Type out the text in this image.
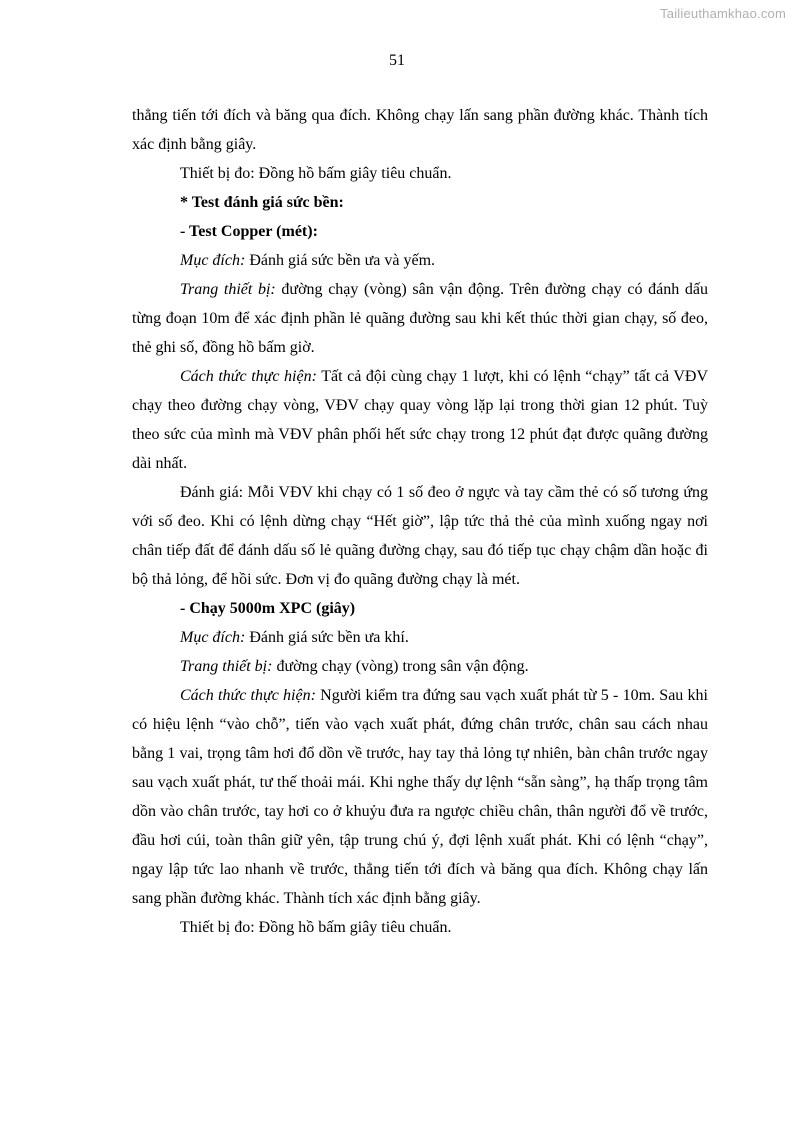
Tailieuthamkhao.com
51

thẳng tiến tới đích và băng qua đích. Không chạy lấn sang phần đường khác. Thành tích xác định bằng giây.

Thiết bị đo: Đồng hồ bấm giây tiêu chuẩn.

* Test đánh giá sức bền:

- Test Copper (mét):

Mục đích: Đánh giá sức bền ưa và yếm.

Trang thiết bị: đường chạy (vòng) sân vận động. Trên đường chạy có đánh dấu từng đoạn 10m để xác định phần lẻ quãng đường sau khi kết thúc thời gian chạy, số đeo, thẻ ghi số, đồng hồ bấm giờ.

Cách thức thực hiện: Tất cả đội cùng chạy 1 lượt, khi có lệnh “chạy” tất cả VĐV chạy theo đường chạy vòng, VĐV chạy quay vòng lặp lại trong thời gian 12 phút. Tuỳ theo sức của mình mà VĐV phân phối hết sức chạy trong 12 phút đạt được quãng đường dài nhất.

Đánh giá: Mỗi VĐV khi chạy có 1 số đeo ở ngực và tay cầm thẻ có số tương ứng với số đeo. Khi có lệnh dừng chạy “Hết giờ”, lập tức thả thẻ của mình xuống ngay nơi chân tiếp đất để đánh dấu số lẻ quãng đường chạy, sau đó tiếp tục chạy chậm dần hoặc đi bộ thả lỏng, để hồi sức. Đơn vị đo quãng đường chạy là mét.

- Chạy 5000m XPC (giây)

Mục đích: Đánh giá sức bền ưa khí.

Trang thiết bị: đường chạy (vòng) trong sân vận động.

Cách thức thực hiện: Người kiểm tra đứng sau vạch xuất phát từ 5 - 10m. Sau khi có hiệu lệnh “vào chỗ”, tiến vào vạch xuất phát, đứng chân trước, chân sau cách nhau bằng 1 vai, trọng tâm hơi đổ dồn về trước, hay tay thả lỏng tự nhiên, bàn chân trước ngay sau vạch xuất phát, tư thế thoải mái. Khi nghe thấy dự lệnh “sẵn sàng”, hạ thấp trọng tâm dồn vào chân trước, tay hơi co ở khuỷu đưa ra ngược chiều chân, thân người đổ về trước, đầu hơi cúi, toàn thân giữ yên, tập trung chú ý, đợi lệnh xuất phát. Khi có lệnh “chạy”, ngay lập tức lao nhanh về trước, thẳng tiến tới đích và băng qua đích. Không chạy lấn sang phần đường khác. Thành tích xác định bằng giây.

Thiết bị đo: Đồng hồ bấm giây tiêu chuẩn.
